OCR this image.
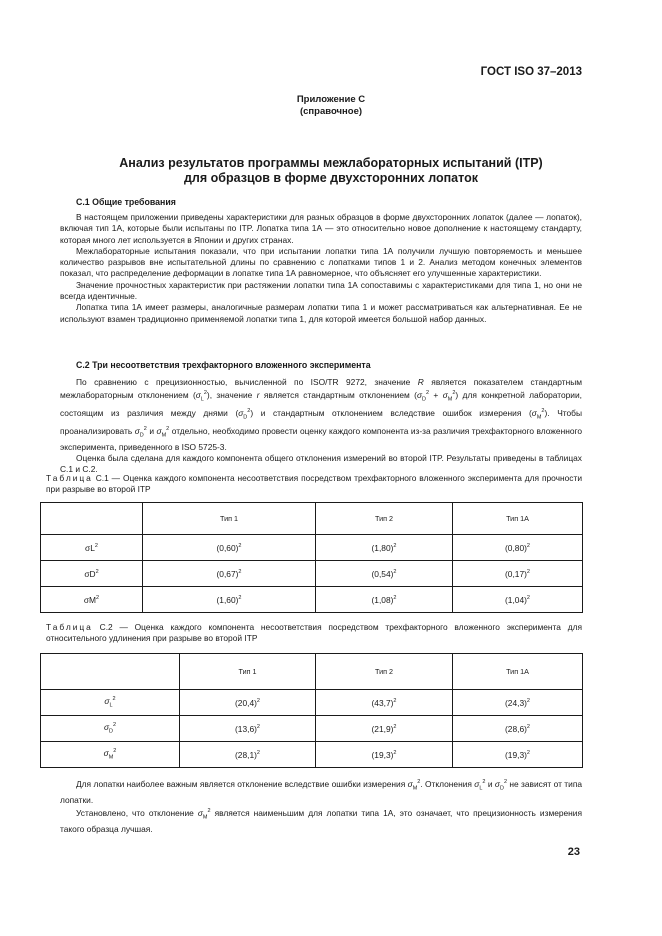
ГОСТ ISO 37–2013
Приложение С
(справочное)
Анализ результатов программы межлабораторных испытаний (ITP)
для образцов в форме двухсторонних лопаток
С.1 Общие требования

В настоящем приложении приведены характеристики для разных образцов в форме двухсторонних лопаток (далее — лопаток), включая тип 1А, которые были испытаны по ITP. Лопатка типа 1А — это относительно новое дополнение к настоящему стандарту, которая много лет используется в Японии и других странах.

Межлабораторные испытания показали, что при испытании лопатки типа 1А получили лучшую повторяемость и меньшее количество разрывов вне испытательной длины по сравнению с лопатками типов 1 и 2. Анализ методом конечных элементов показал, что распределение деформации в лопатке типа 1А равномерное, что объясняет его улучшенные характеристики.

Значение прочностных характеристик при растяжении лопатки типа 1А сопоставимы с характеристиками для типа 1, но они не всегда идентичные.

Лопатка типа 1А имеет размеры, аналогичные размерам лопатки типа 1 и может рассматриваться как альтернативная. Ее не используют взамен традиционно применяемой лопатки типа 1, для которой имеется большой набор данных.

С.2 Три несоответствия трехфакторного вложенного эксперимента

По сравнению с прецизионностью, вычисленной по ISO/TR 9272, значение R является показателем стандартным межлабораторным отклонением $(\sigma_L^2)$, значение r является стандартным отклонением $(\sigma_D^2 + \sigma_M^2)$ для конкретной лаборатории, состоящим из различия между днями $(\sigma_D^2)$ и стандартным отклонением вследствие ошибок измерения $(\sigma_M^2)$. Чтобы проанализировать $\sigma_D^2$ и $\sigma_M^2$ отдельно, необходимо провести оценку каждого компонента из-за различия трехфакторного вложенного эксперимента, приведенного в ISO 5725-3.

Оценка была сделана для каждого компонента общего отклонения измерений во второй ITP. Результаты приведены в таблицах С.1 и С.2.

Таблица С.1 — Оценка каждого компонента несоответствия посредством трехфакторного вложенного эксперимента для прочности при разрыве во второй ITP
	Тип 1	Тип 2	Тип 1А
$\sigma L^2$	$(0,60)^2$	$(1,80)^2$	$(0,80)^2$
$\sigma D^2$	$(0,67)^2$	$(0,54)^2$	$(0,17)^2$
$\sigma M^2$	$(1,60)^2$	$(1,08)^2$	$(1,04)^2$
Таблица С.2 — Оценка каждого компонента несоответствия посредством трехфакторного вложенного эксперимента для относительного удлинения при разрыве во второй ITP
	Тип 1	Тип 2	Тип 1А
$\sigma_L^2$	$(20,4)^2$	$(43,7)^2$	$(24,3)^2$
$\sigma_D^2$	$(13,6)^2$	$(21,9)^2$	$(28,6)^2$
$\sigma_M^2$	$(28,1)^2$	$(19,3)^2$	$(19,3)^2$

Для лопатки наиболее важным является отклонение вследствие ошибки измерения $\sigma_M^2$. Отклонения $\sigma_L^2$ и $\sigma_D^2$ не зависят от типа лопатки.

Установлено, что отклонение $\sigma_M^2$ является наименьшим для лопатки типа 1А, это означает, что прецизионность измерения такого образца лучшая.

23
